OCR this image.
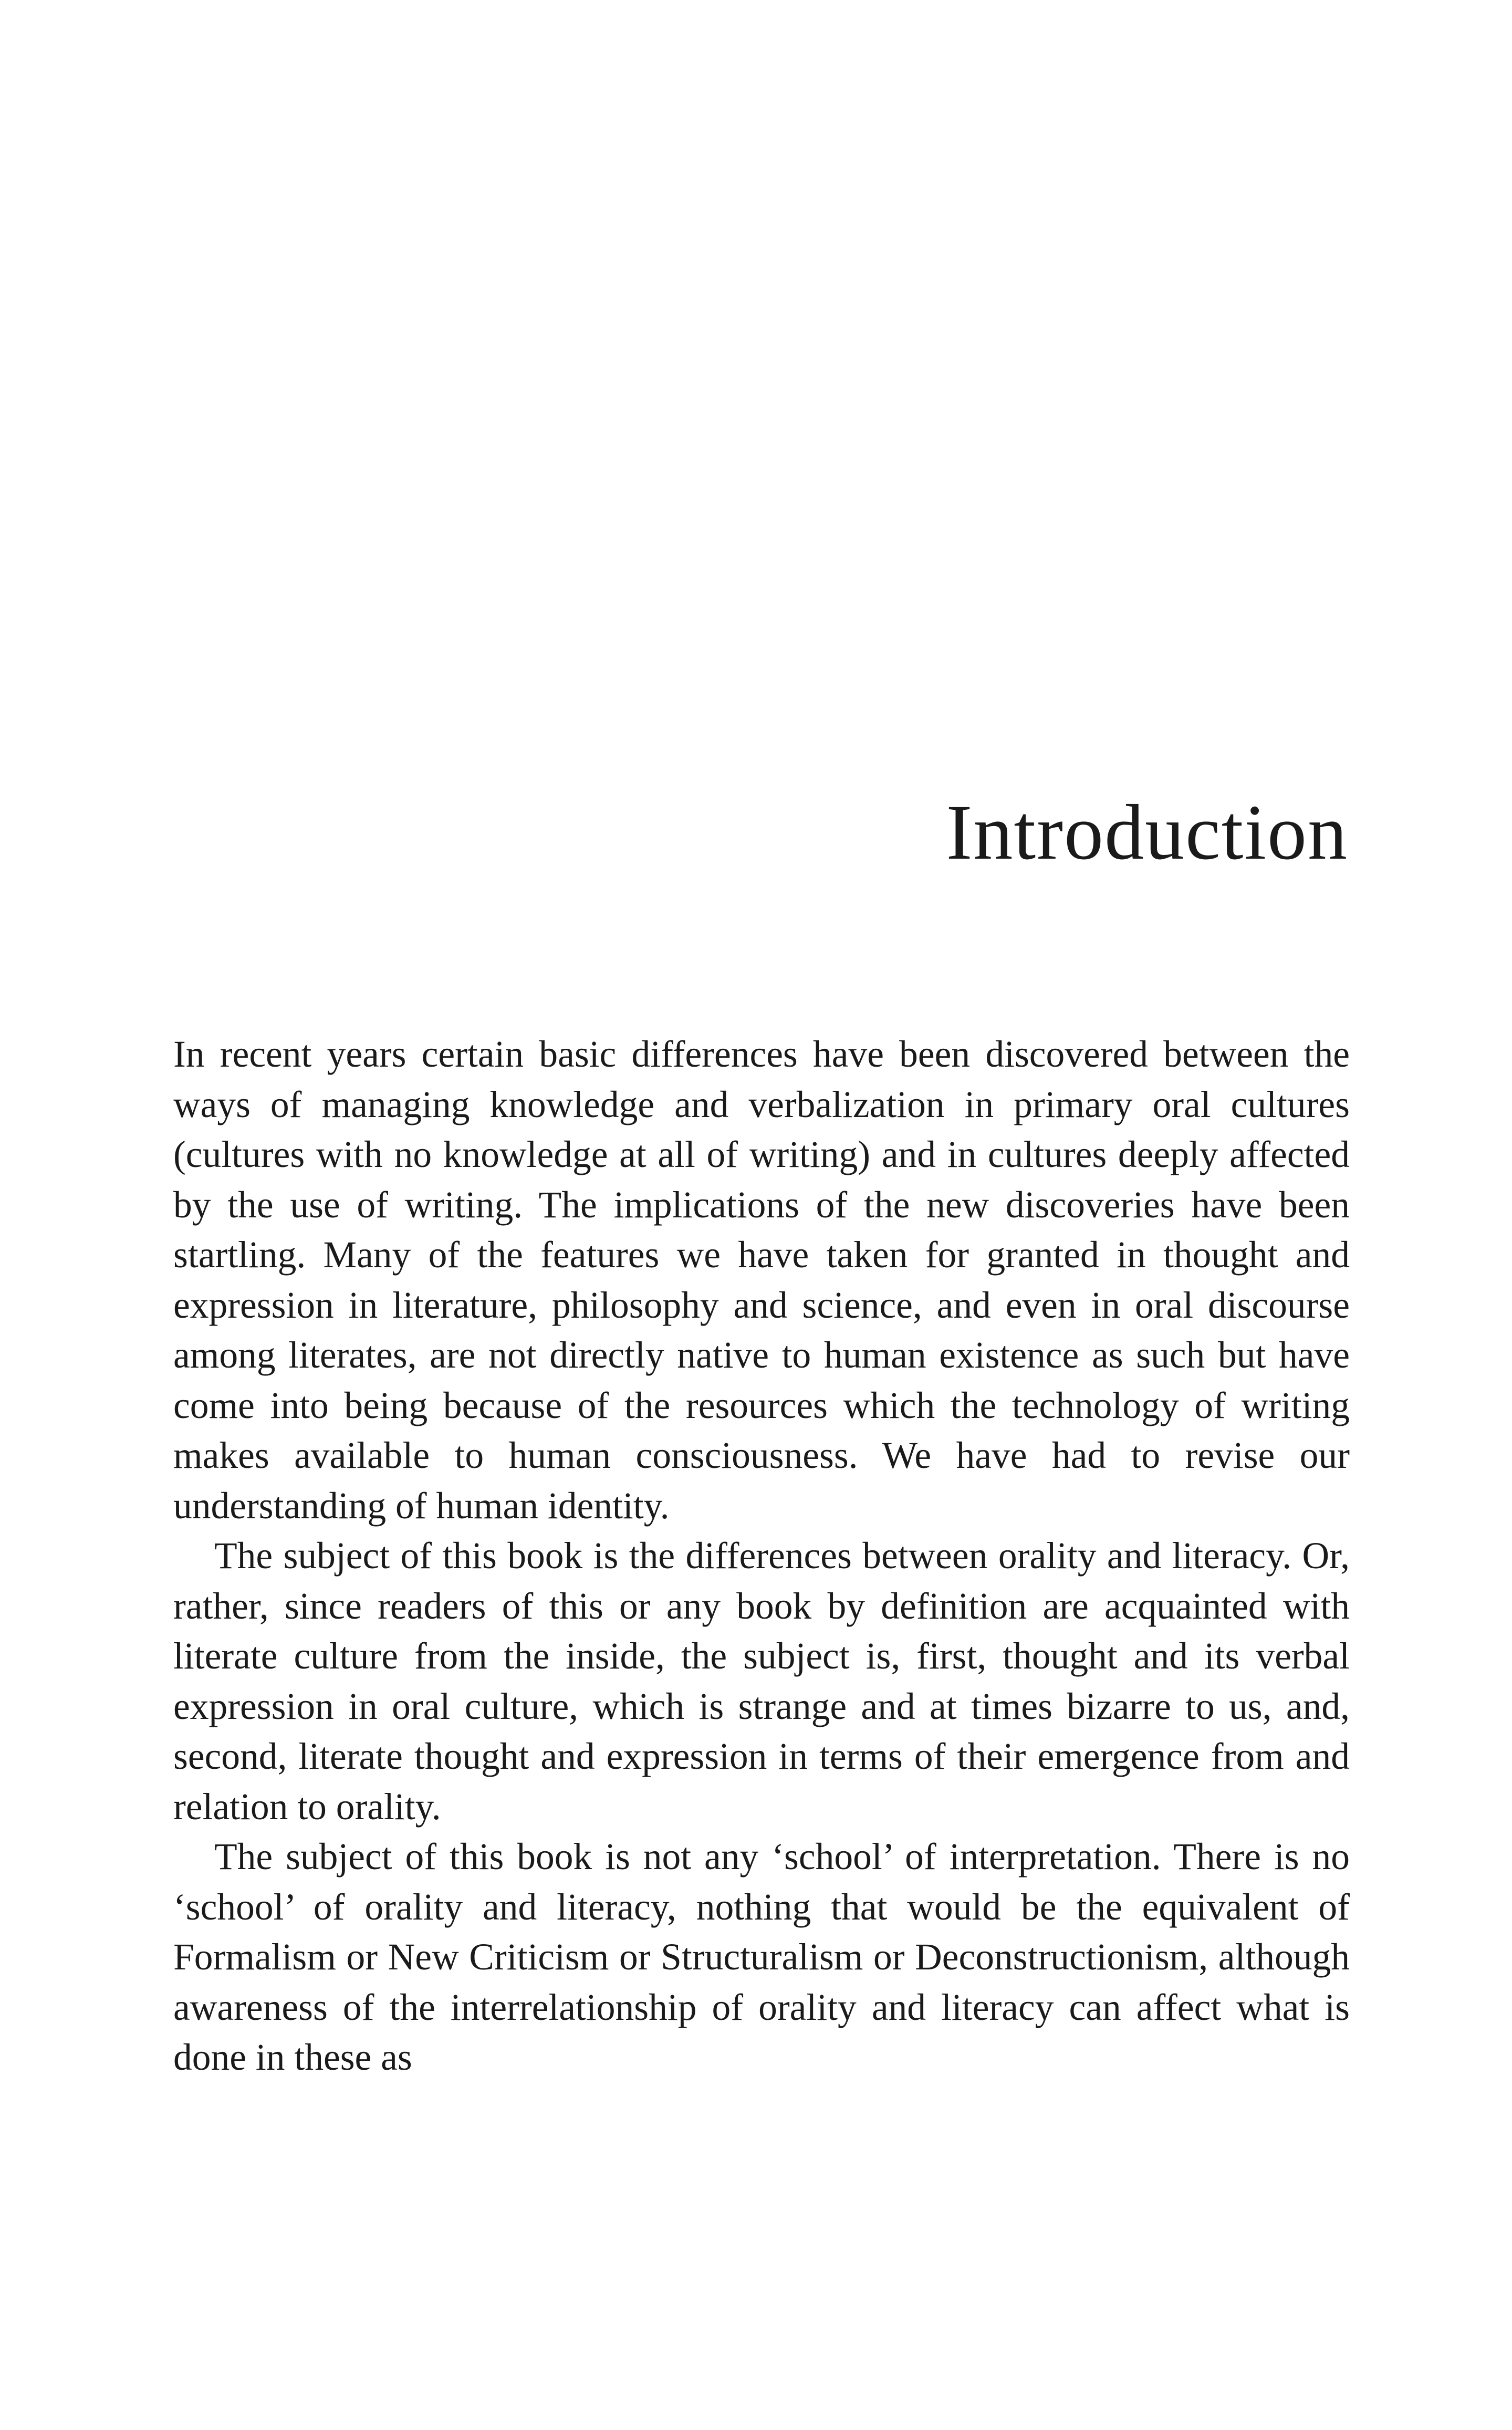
Introduction

In recent years certain basic differences have been discovered between the ways of managing knowledge and verbalization in primary oral cultures (cultures with no knowledge at all of writing) and in cultures deeply affected by the use of writing. The implications of the new discoveries have been startling. Many of the features we have taken for granted in thought and expression in literature, philosophy and science, and even in oral discourse among literates, are not directly native to human existence as such but have come into being because of the resources which the technology of writing makes available to human consciousness. We have had to revise our understanding of human identity.

The subject of this book is the differences between orality and literacy. Or, rather, since readers of this or any book by definition are acquainted with literate culture from the inside, the subject is, first, thought and its verbal expression in oral culture, which is strange and at times bizarre to us, and, second, literate thought and expression in terms of their emergence from and relation to orality.

The subject of this book is not any ‘school’ of interpretation. There is no ‘school’ of orality and literacy, nothing that would be the equivalent of Formalism or New Criticism or Structuralism or Deconstructionism, although awareness of the interrelationship of orality and literacy can affect what is done in these as
